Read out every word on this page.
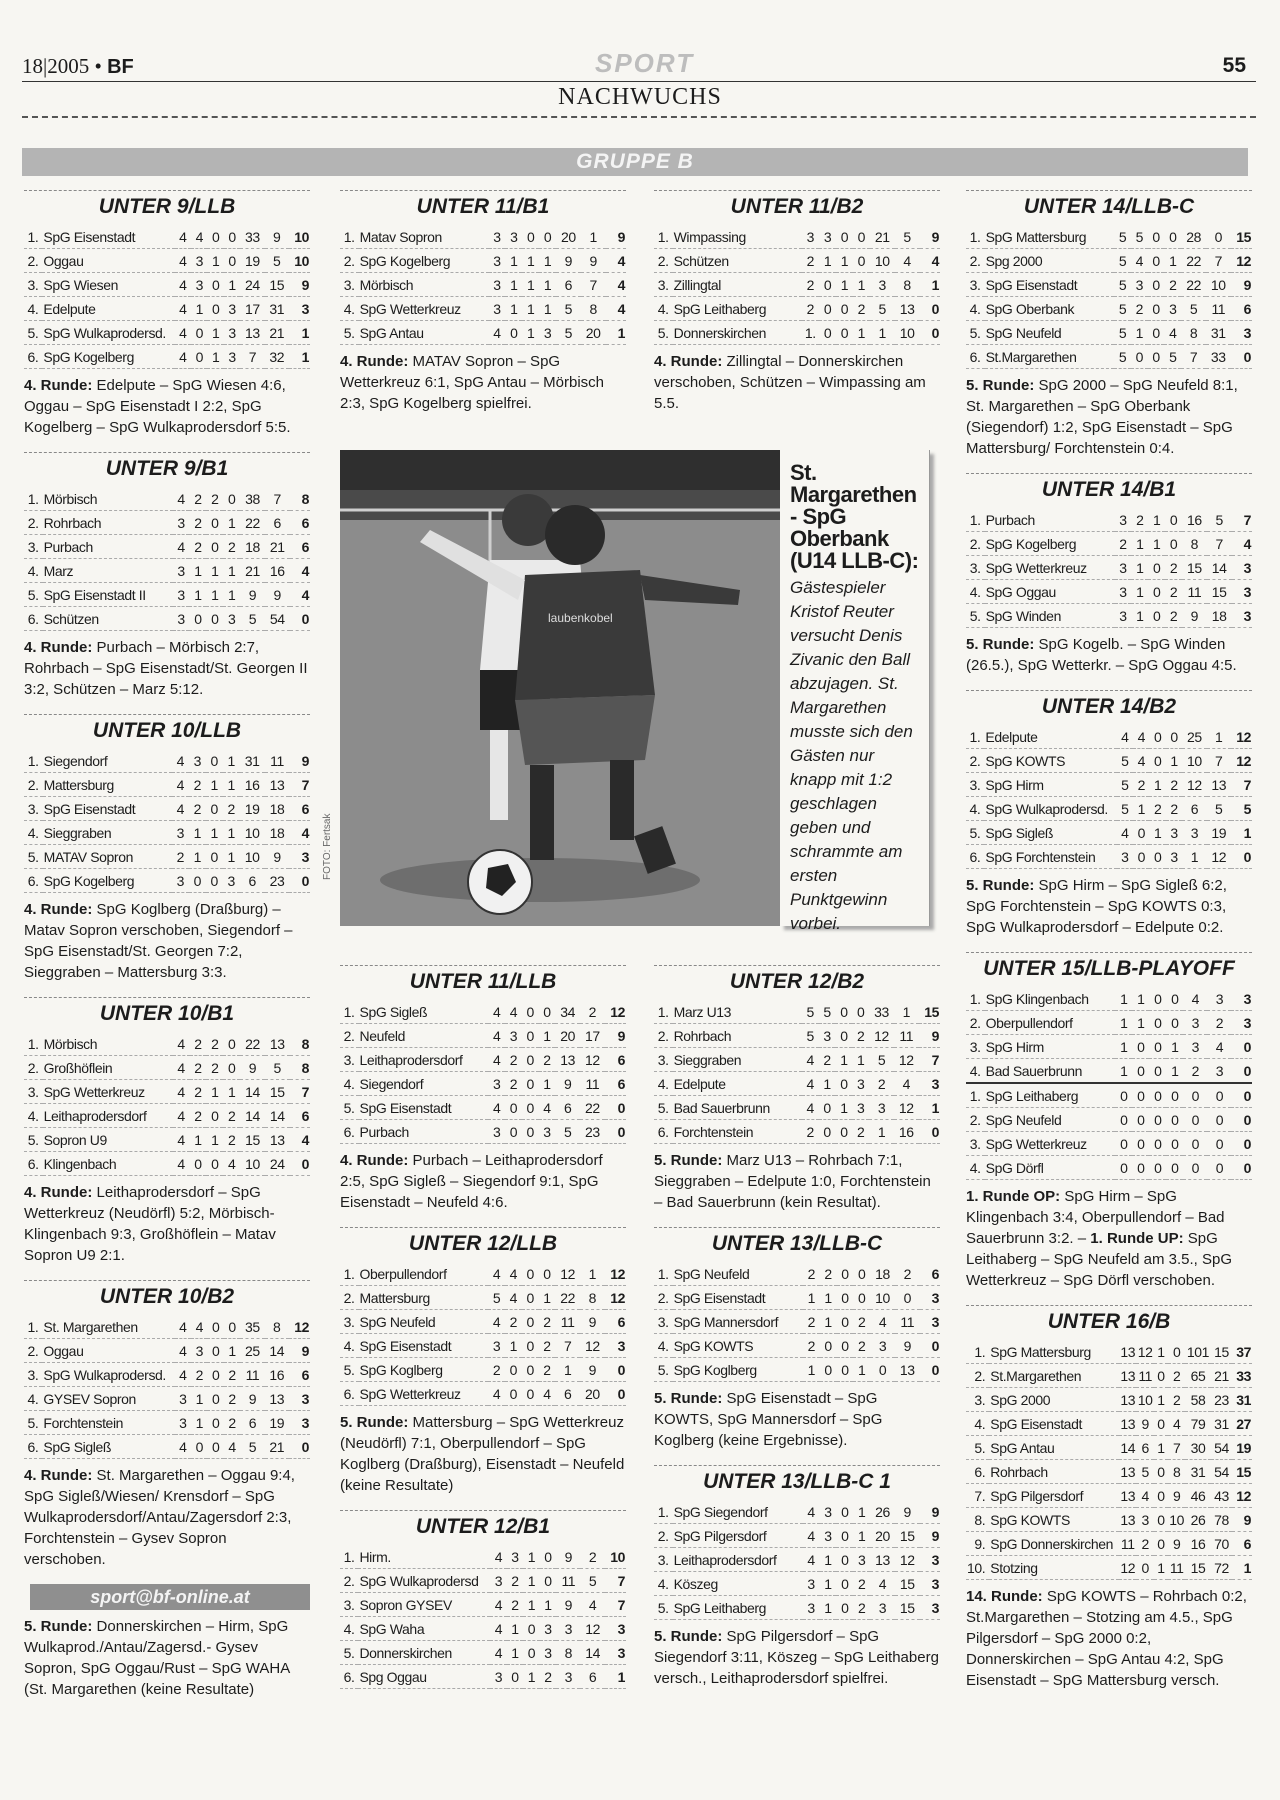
18|2005 • BF	SPORT	55
NACHWUCHS
GRUPPE B
UNTER 9/LLB
1.	SpG Eisenstadt	4	4	0	0	33	9	10
2.	Oggau	4	3	1	0	19	5	10
3.	SpG Wiesen	4	3	0	1	24	15	9
4.	Edelpute	4	1	0	3	17	31	3
5.	SpG Wulkaprodersd.	4	0	1	3	13	21	1
6.	SpG Kogelberg	4	0	1	3	7	32	1
4. Runde: Edelpute – SpG Wiesen 4:6, Oggau – SpG Eisenstadt I 2:2, SpG Kogelberg – SpG Wulkaprodersdorf 5:5.
UNTER 9/B1
1.	Mörbisch	4	2	2	0	38	7	8
2.	Rohrbach	3	2	0	1	22	6	6
3.	Purbach	4	2	0	2	18	21	6
4.	Marz	3	1	1	1	21	16	4
5.	SpG Eisenstadt II	3	1	1	1	9	9	4
6.	Schützen	3	0	0	3	5	54	0
4. Runde: Purbach – Mörbisch 2:7, Rohrbach – SpG Eisenstadt/St. Georgen II 3:2, Schützen – Marz 5:12.
UNTER 10/LLB
1.	Siegendorf	4	3	0	1	31	11	9
2.	Mattersburg	4	2	1	1	16	13	7
3.	SpG Eisenstadt	4	2	0	2	19	18	6
4.	Sieggraben	3	1	1	1	10	18	4
5.	MATAV Sopron	2	1	0	1	10	9	3
6.	SpG Kogelberg	3	0	0	3	6	23	0
4. Runde: SpG Koglberg (Draßburg) – Matav Sopron verschoben, Siegendorf – SpG Eisenstadt/St. Georgen 7:2, Sieggraben – Mattersburg 3:3.
UNTER 10/B1
1.	Mörbisch	4	2	2	0	22	13	8
2.	Großhöflein	4	2	2	0	9	5	8
3.	SpG Wetterkreuz	4	2	1	1	14	15	7
4.	Leithaprodersdorf	4	2	0	2	14	14	6
5.	Sopron U9	4	1	1	2	15	13	4
6.	Klingenbach	4	0	0	4	10	24	0
4. Runde: Leithaprodersdorf – SpG Wetterkreuz (Neudörfl) 5:2, Mörbisch-Klingenbach 9:3, Großhöflein – Matav Sopron U9 2:1.
UNTER 10/B2
1.	St. Margarethen	4	4	0	0	35	8	12
2.	Oggau	4	3	0	1	25	14	9
3.	SpG Wulkaprodersd.	4	2	0	2	11	16	6
4.	GYSEV Sopron	3	1	0	2	9	13	3
5.	Forchtenstein	3	1	0	2	6	19	3
6.	SpG Sigleß	4	0	0	4	5	21	0
4. Runde: St. Margarethen – Oggau 9:4, SpG Sigleß/Wiesen/ Krensdorf – SpG Wulkaprodersdorf/Antau/Zagersdorf 2:3, Forchtenstein – Gysev Sopron verschoben.
sport@bf-online.at
5. Runde: Donnerskirchen – Hirm, SpG Wulkaprod./Antau/Zagersd.- Gysev Sopron, SpG Oggau/Rust – SpG WAHA (St. Margarethen (keine Resultate)
UNTER 11/B1
1.	Matav Sopron	3	3	0	0	20	1	9
2.	SpG Kogelberg	3	1	1	1	9	9	4
3.	Mörbisch	3	1	1	1	6	7	4
4.	SpG Wetterkreuz	3	1	1	1	5	8	4
5.	SpG Antau	4	0	1	3	5	20	1
4. Runde: MATAV Sopron – SpG Wetterkreuz 6:1, SpG Antau – Mörbisch 2:3, SpG Kogelberg spielfrei.
UNTER 11/B2
1.	Wimpassing	3	3	0	0	21	5	9
2.	Schützen	2	1	1	0	10	4	4
3.	Zillingtal	2	0	1	1	3	8	1
4.	SpG Leithaberg	2	0	0	2	5	13	0
5.	Donnerskirchen	1.	0	0	1	1	10	0
4. Runde: Zillingtal – Donnerskirchen verschoben, Schützen – Wimpassing am 5.5.
laubenkobel
FOTO: Fertsak
St. Margarethen - SpG Oberbank (U14 LLB-C):
Gästespieler Kristof Reuter versucht Denis Zivanic den Ball abzujagen. St. Margarethen musste sich den Gästen nur knapp mit 1:2 geschlagen geben und schrammte am ersten Punktgewinn vorbei.
UNTER 11/LLB
1.	SpG Sigleß	4	4	0	0	34	2	12
2.	Neufeld	4	3	0	1	20	17	9
3.	Leithaprodersdorf	4	2	0	2	13	12	6
4.	Siegendorf	3	2	0	1	9	11	6
5.	SpG Eisenstadt	4	0	0	4	6	22	0
6.	Purbach	3	0	0	3	5	23	0
4. Runde: Purbach – Leithaprodersdorf 2:5, SpG Sigleß – Siegendorf 9:1, SpG Eisenstadt – Neufeld 4:6.
UNTER 12/LLB
1.	Oberpullendorf	4	4	0	0	12	1	12
2.	Mattersburg	5	4	0	1	22	8	12
3.	SpG Neufeld	4	2	0	2	11	9	6
4.	SpG Eisenstadt	3	1	0	2	7	12	3
5.	SpG Koglberg	2	0	0	2	1	9	0
6.	SpG Wetterkreuz	4	0	0	4	6	20	0
5. Runde: Mattersburg – SpG Wetterkreuz (Neudörfl) 7:1, Oberpullendorf – SpG Koglberg (Draßburg), Eisenstadt – Neufeld (keine Resultate)
UNTER 12/B1
1.	Hirm.	4	3	1	0	9	2	10
2.	SpG Wulkaprodersd	3	2	1	0	11	5	7
3.	Sopron GYSEV	4	2	1	1	9	4	7
4.	SpG Waha	4	1	0	3	3	12	3
5.	Donnerskirchen	4	1	0	3	8	14	3
6.	Spg Oggau	3	0	1	2	3	6	1
UNTER 12/B2
1.	Marz U13	5	5	0	0	33	1	15
2.	Rohrbach	5	3	0	2	12	11	9
3.	Sieggraben	4	2	1	1	5	12	7
4.	Edelpute	4	1	0	3	2	4	3
5.	Bad Sauerbrunn	4	0	1	3	3	12	1
6.	Forchtenstein	2	0	0	2	1	16	0
5. Runde: Marz U13 – Rohrbach 7:1, Sieggraben – Edelpute 1:0, Forchtenstein – Bad Sauerbrunn (kein Resultat).
UNTER 13/LLB-C
1.	SpG Neufeld	2	2	0	0	18	2	6
2.	SpG Eisenstadt	1	1	0	0	10	0	3
3.	SpG Mannersdorf	2	1	0	2	4	11	3
4.	SpG KOWTS	2	0	0	2	3	9	0
5.	SpG Koglberg	1	0	0	1	0	13	0
5. Runde: SpG Eisenstadt – SpG KOWTS, SpG Mannersdorf – SpG Koglberg (keine Ergebnisse).
UNTER 13/LLB-C 1
1.	SpG Siegendorf	4	3	0	1	26	9	9
2.	SpG Pilgersdorf	4	3	0	1	20	15	9
3.	Leithaprodersdorf	4	1	0	3	13	12	3
4.	Köszeg	3	1	0	2	4	15	3
5.	SpG Leithaberg	3	1	0	2	3	15	3
5. Runde: SpG Pilgersdorf – SpG Siegendorf 3:11, Köszeg – SpG Leithaberg versch., Leithaprodersdorf spielfrei.
UNTER 14/LLB-C
1.	SpG Mattersburg	5	5	0	0	28	0	15
2.	Spg 2000	5	4	0	1	22	7	12
3.	SpG Eisenstadt	5	3	0	2	22	10	9
4.	SpG Oberbank	5	2	0	3	5	11	6
5.	SpG Neufeld	5	1	0	4	8	31	3
6.	St.Margarethen	5	0	0	5	7	33	0
5. Runde: SpG 2000 – SpG Neufeld 8:1, St. Margarethen – SpG Oberbank (Siegendorf) 1:2, SpG Eisenstadt – SpG Mattersburg/ Forchtenstein 0:4.
UNTER 14/B1
1.	Purbach	3	2	1	0	16	5	7
2.	SpG Kogelberg	2	1	1	0	8	7	4
3.	SpG Wetterkreuz	3	1	0	2	15	14	3
4.	SpG Oggau	3	1	0	2	11	15	3
5.	SpG Winden	3	1	0	2	9	18	3
5. Runde: SpG Kogelb. – SpG Winden (26.5.), SpG Wetterkr. – SpG Oggau 4:5.
UNTER 14/B2
1.	Edelpute	4	4	0	0	25	1	12
2.	SpG KOWTS	5	4	0	1	10	7	12
3.	SpG Hirm	5	2	1	2	12	13	7
4.	SpG Wulkaprodersd.	5	1	2	2	6	5	5
5.	SpG Sigleß	4	0	1	3	3	19	1
6.	SpG Forchtenstein	3	0	0	3	1	12	0
5. Runde: SpG Hirm – SpG Sigleß 6:2, SpG Forchtenstein – SpG KOWTS 0:3, SpG Wulkaprodersdorf – Edelpute 0:2.
UNTER 15/LLB-PLAYOFF
1.	SpG Klingenbach	1	1	0	0	4	3	3
2.	Oberpullendorf	1	1	0	0	3	2	3
3.	SpG Hirm	1	0	0	1	3	4	0
4.	Bad Sauerbrunn	1	0	0	1	2	3	0
1.	SpG Leithaberg	0	0	0	0	0	0	0
2.	SpG Neufeld	0	0	0	0	0	0	0
3.	SpG Wetterkreuz	0	0	0	0	0	0	0
4.	SpG Dörfl	0	0	0	0	0	0	0
1. Runde OP: SpG Hirm – SpG Klingenbach 3:4, Oberpullendorf – Bad Sauerbrunn 3:2. – 1. Runde UP: SpG Leithaberg – SpG Neufeld am 3.5., SpG Wetterkreuz – SpG Dörfl verschoben.
UNTER 16/B
1.	SpG Mattersburg	13	12	1	0	101	15	37
2.	St.Margarethen	13	11	0	2	65	21	33
3.	SpG 2000	13	10	1	2	58	23	31
4.	SpG Eisenstadt	13	9	0	4	79	31	27
5.	SpG Antau	14	6	1	7	30	54	19
6.	Rohrbach	13	5	0	8	31	54	15
7.	SpG Pilgersdorf	13	4	0	9	46	43	12
8.	SpG KOWTS	13	3	0	10	26	78	9
9.	SpG Donnerskirchen	11	2	0	9	16	70	6
10.	Stotzing	12	0	1	11	15	72	1
14. Runde: SpG KOWTS – Rohrbach 0:2, St.Margarethen – Stotzing am 4.5., SpG Pilgersdorf – SpG 2000 0:2, Donnerskirchen – SpG Antau 4:2, SpG Eisenstadt – SpG Mattersburg versch.
